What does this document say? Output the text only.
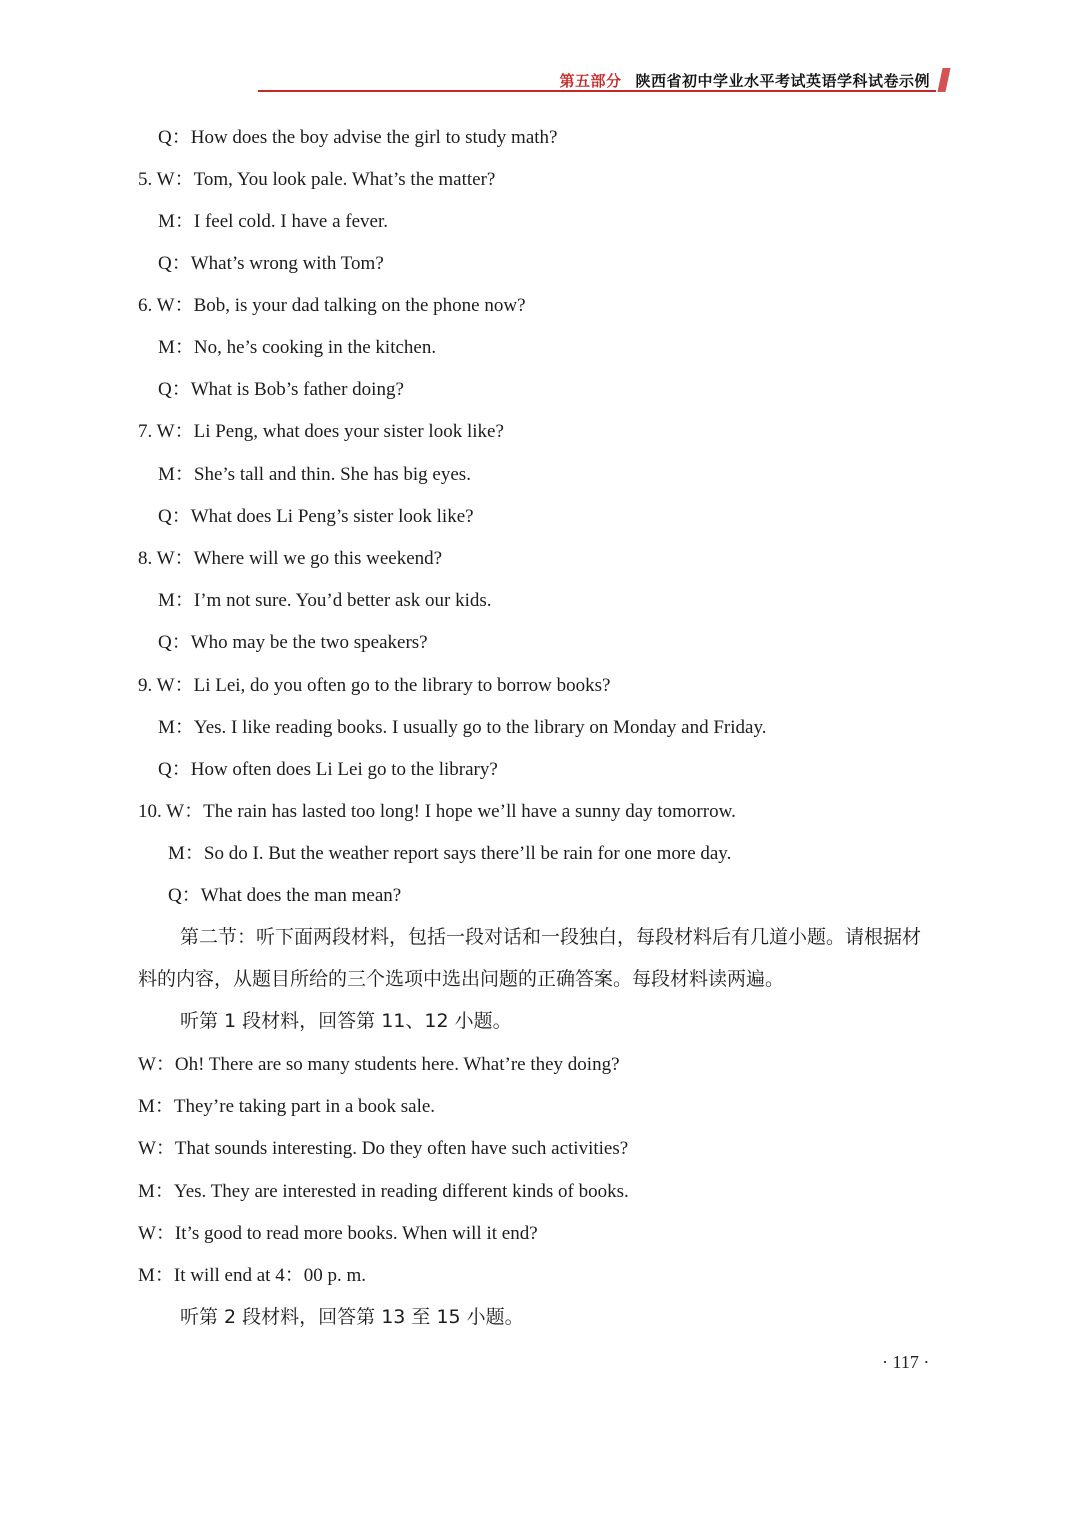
第五部分 陕西省初中学业水平考试英语学科试卷示例
Q：How does the boy advise the girl to study math?
5. W：Tom, You look pale. What’s the matter?
M：I feel cold. I have a fever.
Q：What’s wrong with Tom?
6. W：Bob, is your dad talking on the phone now?
M：No, he’s cooking in the kitchen.
Q：What is Bob’s father doing?
7. W：Li Peng, what does your sister look like?
M：She’s tall and thin. She has big eyes.
Q：What does Li Peng’s sister look like?
8. W：Where will we go this weekend?
M：I’m not sure. You’d better ask our kids.
Q：Who may be the two speakers?
9. W：Li Lei, do you often go to the library to borrow books?
M：Yes. I like reading books. I usually go to the library on Monday and Friday.
Q：How often does Li Lei go to the library?
10. W：The rain has lasted too long! I hope we’ll have a sunny day tomorrow.
M：So do I. But the weather report says there’ll be rain for one more day.
Q：What does the man mean?
第二节：听下面两段材料，包括一段对话和一段独白，每段材料后有几道小题。请根据材
料的内容，从题目所给的三个选项中选出问题的正确答案。每段材料读两遍。
听第 1 段材料，回答第 11、12 小题。
W：Oh! There are so many students here. What’re they doing?
M：They’re taking part in a book sale.
W：That sounds interesting. Do they often have such activities?
M：Yes. They are interested in reading different kinds of books.
W：It’s good to read more books. When will it end?
M：It will end at 4：00 p. m.
听第 2 段材料，回答第 13 至 15 小题。
· 117 ·
